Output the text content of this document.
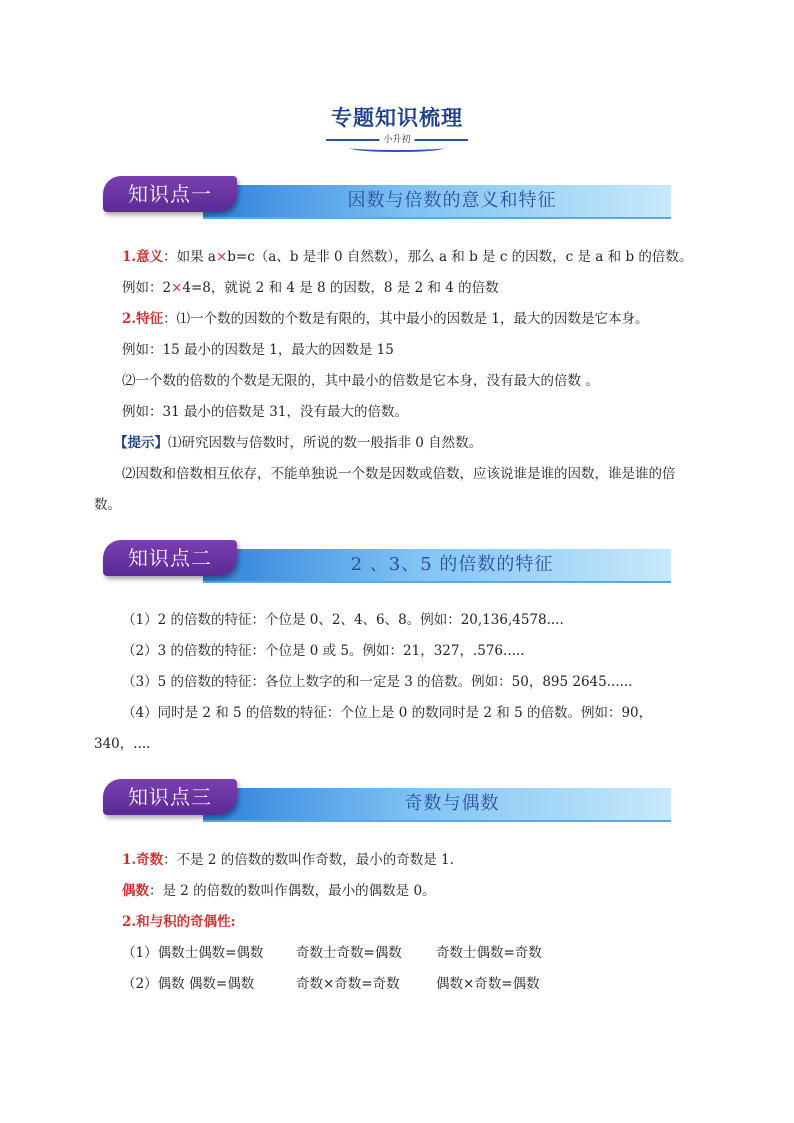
专题知识梳理
小升初
因数与倍数的意义和特征
知识点一

1.意义：如果 a×b=c（a、b 是非 0 自然数），那么 a 和 b 是 c 的因数，c 是 a 和 b 的倍数。

例如：2×4=8，就说 2 和 4 是 8 的因数，8 是 2 和 4 的倍数

2.特征：⑴一个数的因数的个数是有限的，其中最小的因数是 1，最大的因数是它本身。

例如：15 最小的因数是 1，最大的因数是 15

⑵一个数的倍数的个数是无限的，其中最小的倍数是它本身，没有最大的倍数 。

例如：31 最小的倍数是 31，没有最大的倍数。

【提示】⑴研究因数与倍数时，所说的数一般指非 0 自然数。

⑵因数和倍数相互依存，不能单独说一个数是因数或倍数，应该说谁是谁的因数，谁是谁的倍

数。

2 、3、5 的倍数的特征
知识点二

（1）2 的倍数的特征：个位是 0、2、4、6、8。例如：20,136,4578....

（2）3 的倍数的特征：个位是 0 或 5。例如：21，327，.576.....

（3）5 的倍数的特征：各位上数字的和一定是 3 的倍数。例如：50，895 2645......

（4）同时是 2 和 5 的倍数的特征：个位上是 0 的数同时是 2 和 5 的倍数。例如：90，

340，....

奇数与偶数
知识点三

1.奇数：不是 2 的倍数的数叫作奇数，最小的奇数是 1.

偶数：是 2 的倍数的数叫作偶数，最小的偶数是 0。

2.和与积的奇偶性:

（1）偶数士偶数=偶数 奇数士奇数=偶数	奇数士偶数=奇数

（2）偶数 偶数=偶数	奇数×奇数=奇数	偶数×奇数=偶数
